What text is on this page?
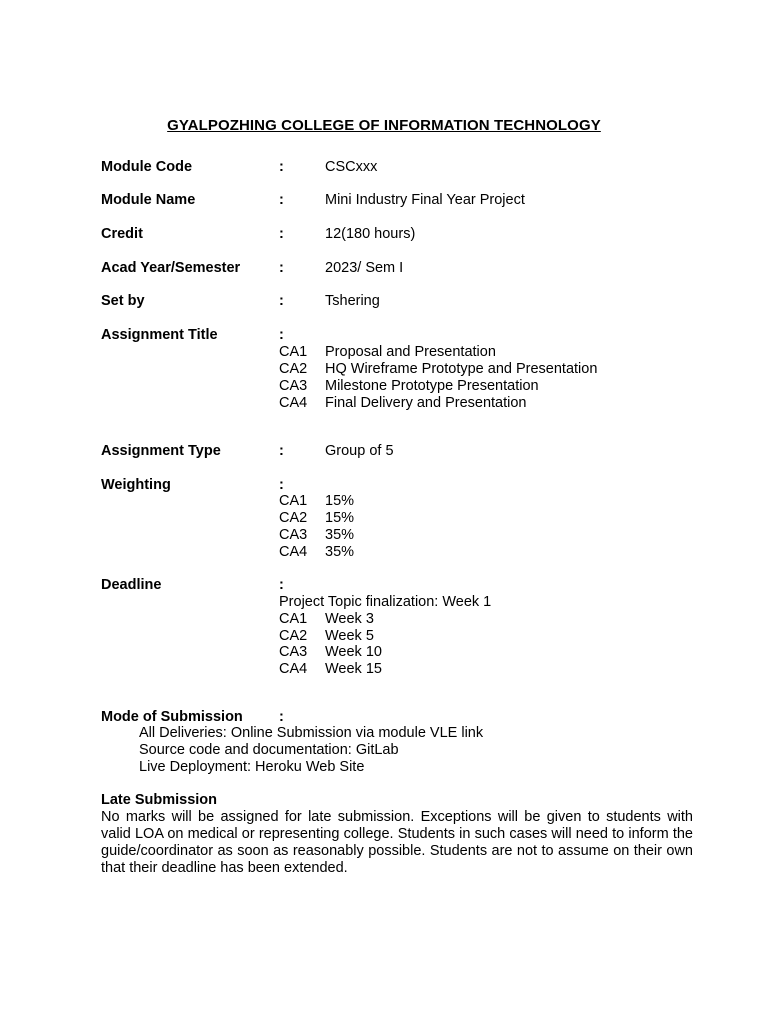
GYALPOZHING COLLEGE OF INFORMATION TECHNOLOGY
Module Code	:	CSCxxx
Module Name	:	Mini Industry Final Year Project
Credit	:	12(180 hours)
Acad Year/Semester	:	2023/ Sem I
Set by	:	Tshering
Assignment Title	:
CA1 Proposal and Presentation
CA2 HQ Wireframe Prototype and Presentation
CA3 Milestone Prototype Presentation
CA4 Final Delivery and Presentation
Assignment Type	:	Group of 5
Weighting	:
CA1 15%
CA2 15%
CA3 35%
CA4 35%
Deadline	:
Project Topic finalization: Week 1
CA1 Week 3
CA2 Week 5
CA3 Week 10
CA4 Week 15
Mode of Submission :
All Deliveries: Online Submission via module VLE link
Source code and documentation: GitLab
Live Deployment: Heroku Web Site
Late Submission
No marks will be assigned for late submission. Exceptions will be given to students with valid LOA on medical or representing college. Students in such cases will need to inform the guide/coordinator as soon as reasonably possible. Students are not to assume on their own that their deadline has been extended.
